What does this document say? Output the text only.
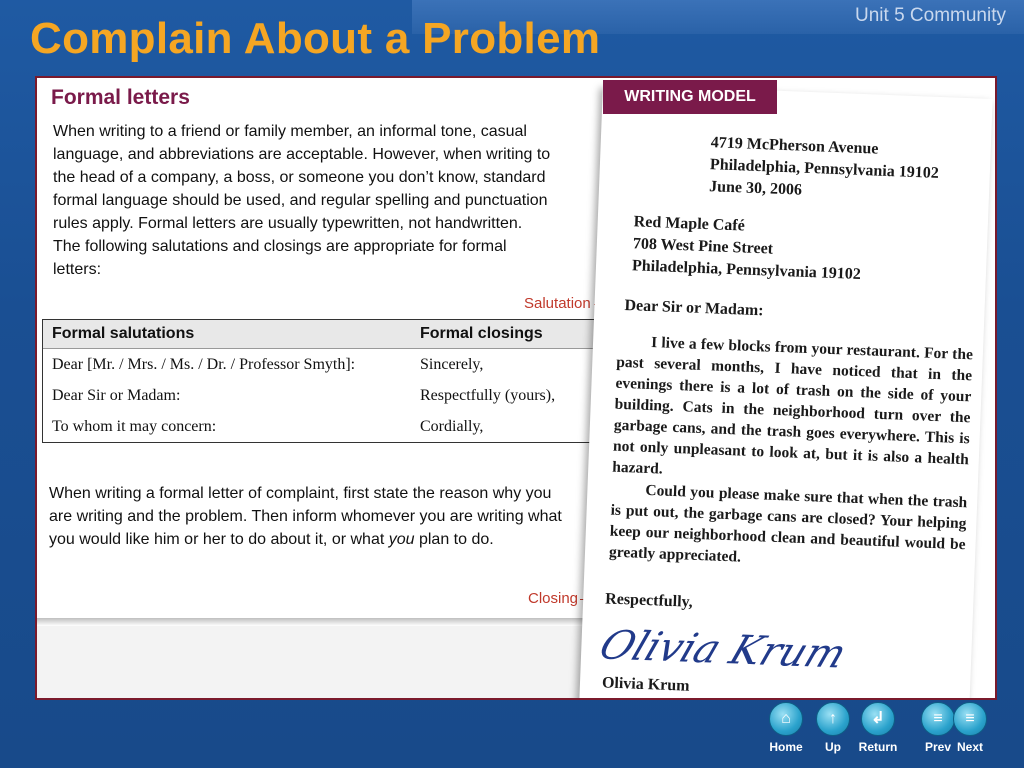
Unit 5 Community
Complain About a Problem
Formal letters

When writing to a friend or family member, an informal tone, casual language, and abbreviations are acceptable. However, when writing to the head of a company, a boss, or someone you don’t know, standard formal language should be used, and regular spelling and punctuation rules apply. Formal letters are usually typewritten, not handwritten. The following salutations and closings are appropriate for formal letters:

Formal salutations	Formal closings
Dear [Mr. / Mrs. / Ms. / Dr. / Professor Smyth]:	Sincerely,
Dear Sir or Madam:	Respectfully (yours),
To whom it may concern:	Cordially,

When writing a formal letter of complaint, first state the reason why you are writing and the problem. Then inform whomever you are writing what you would like him or her to do about it, or what you plan to do.

Salutation
Closing
4719 McPherson Avenue
Philadelphia, Pennsylvania 19102
June 30, 2006
Red Maple Café
708 West Pine Street
Philadelphia, Pennsylvania 19102
Dear Sir or Madam:

I live a few blocks from your restaurant. For the past several months, I have noticed that in the evenings there is a lot of trash on the side of your building. Cats in the neighborhood turn over the garbage cans, and the trash goes everywhere. This is not only unpleasant to look at, but it is also a health hazard.

Could you please make sure that when the trash is put out, the garbage cans are closed? Your helping keep our neighborhood clean and beautiful would be greatly appreciated.

Respectfully,
Olivia Krum
Olivia Krum
WRITING MODEL
⌂
Home
↑
Up
↲
Return
≡
Prev
≡
Next
